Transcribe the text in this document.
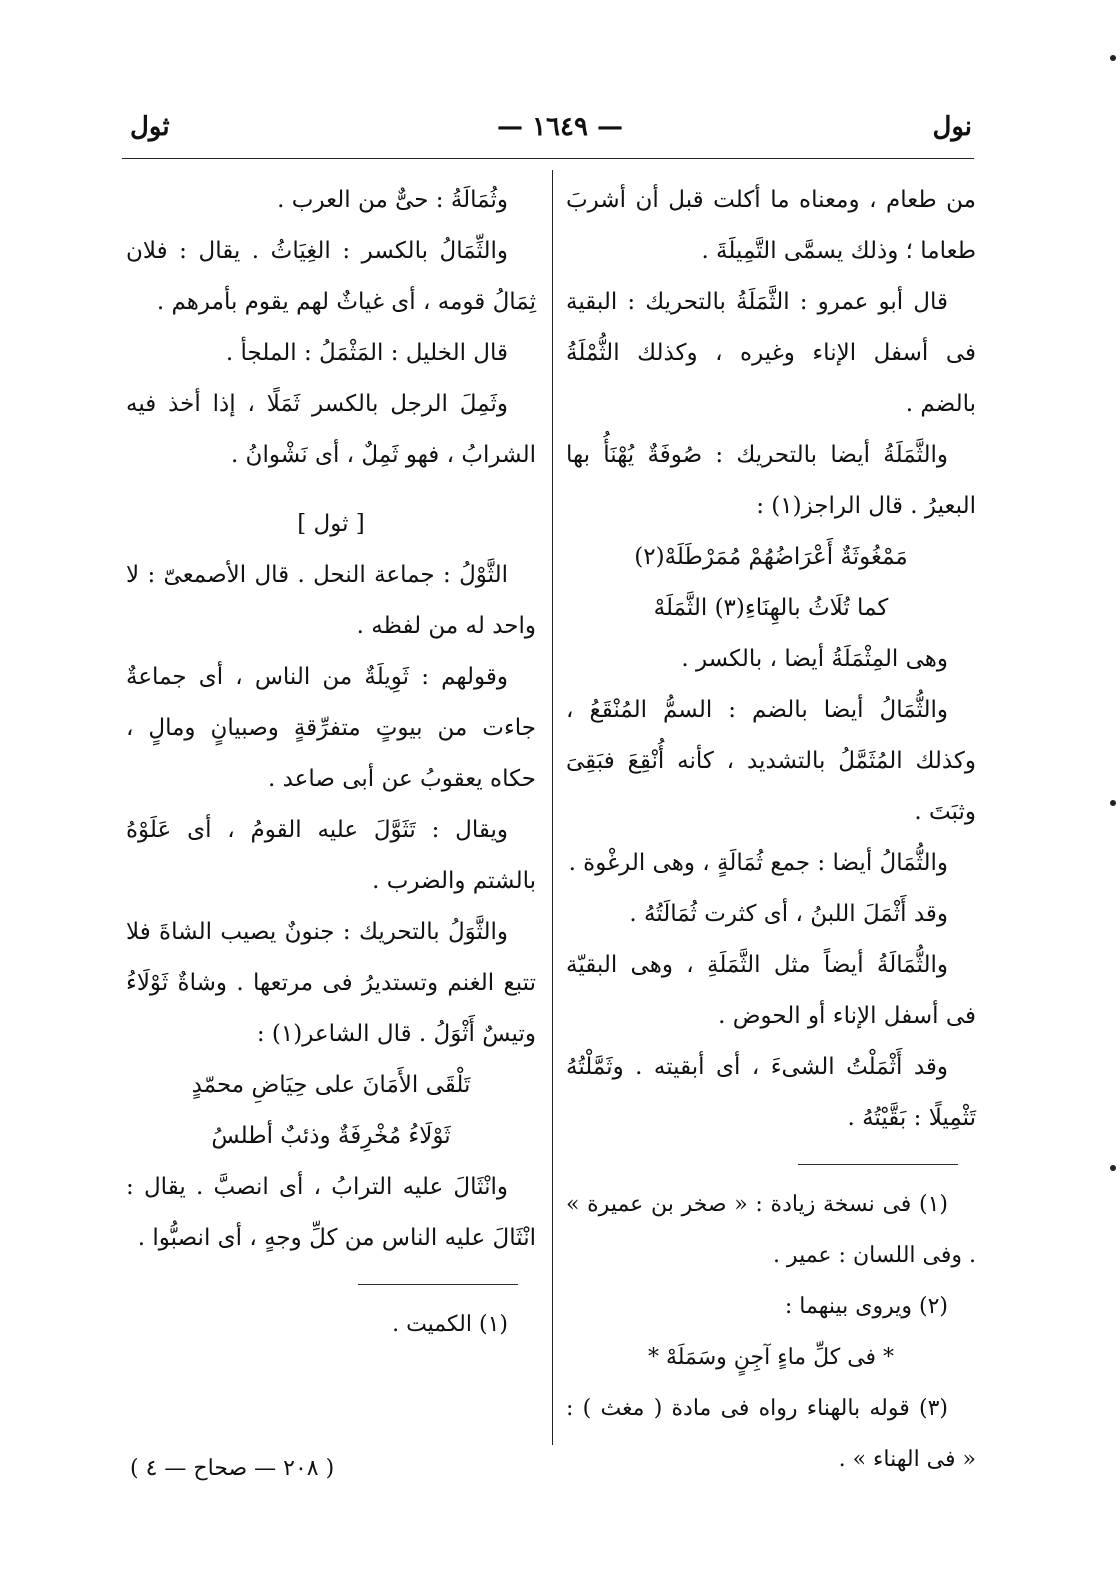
نول
— ١٦٤٩ —
ثول

من طعام ، ومعناه ما أكلت قبل أن أشربَ طعاما ؛ وذلك يسمَّى التَّمِيلَةَ .

قال أبو عمرو : الثَّمَلَةُ بالتحريك : البقية فى أسفل الإناء وغيره ، وكذلك الثُّمْلَةُ بالضم .

والثَّمَلَةُ أيضا بالتحريك : صُوفَةٌ يُهْنَأُ بها البعيرُ . قال الراجز(١) :

مَمْغُوثَةٌ أَعْرَاضُهُمْ مُمَرْطَلَهْ(٢)

كما تُلَاثُ بالهِنَاءِ(٣) الثَّمَلَهْ

وهى المِثْمَلَةُ أيضا ، بالكسر .

والثُّمَالُ أيضا بالضم : السمُّ المُنْقَعُ ، وكذلك المُثَمَّلُ بالتشديد ، كأنه أُنْقِعَ فبَقِىَ وثبَتَ .

والثُّمَالُ أيضا : جمع ثُمَالَةٍ ، وهى الرغْوة .

وقد أَثْمَلَ اللبنُ ، أى كثرت ثُمَالَتُهُ .

والثُّمَالَةُ أيضاً مثل الثَّمَلَةِ ، وهى البقيّة فى أسفل الإناء أو الحوض .

وقد أَثْمَلْتُ الشىءَ ، أى أبقيته . وثَمَّلْتُهُ تَثْمِيلًا : بَقَّيْتُهُ .

(١) فى نسخة زيادة : « صخر بن عميرة » . وفى اللسان : عمير .

(٢) ويروى بينهما :

* فى كلِّ ماءٍ آجِنٍ وسَمَلَهْ *

(٣) قوله بالهناء رواه فى مادة ( مغث ) : « فى الهناء » .

وثُمَالَةُ : حىٌّ من العرب .

والثِّمَالُ بالكسر : الغِيَاثُ . يقال : فلان ثِمَالُ قومه ، أى غياثٌ لهم يقوم بأمرهم .

قال الخليل : المَثْمَلُ : الملجأ .

وثَمِلَ الرجل بالكسر ثَمَلًا ، إذا أخذ فيه الشرابُ ، فهو ثَمِلٌ ، أى نَشْوانُ .

[ ثول ]

الثَّوْلُ : جماعة النحل . قال الأصمعىّ : لا واحد له من لفظه .

وقولهم : ثَوِيلَةٌ من الناس ، أى جماعةٌ جاءت من بيوتٍ متفرِّقةٍ وصبيانٍ ومالٍ ، حكاه يعقوبُ عن أبى صاعد .

ويقال : تَثَوَّلَ عليه القومُ ، أى عَلَوْهُ بالشتم والضرب .

والثَّوَلُ بالتحريك : جنونٌ يصيب الشاةَ فلا تتبع الغنم وتستديرُ فى مرتعها . وشاةٌ ثَوْلَاءُ وتيسٌ أَثْوَلُ . قال الشاعر(١) :

تَلْقَى الأَمَانَ على حِيَاضِ محمّدٍ

ثَوْلَاءُ مُخْرِفَةٌ وذئبٌ أطلسُ

وانْثَالَ عليه الترابُ ، أى انصبَّ . يقال : انْثَالَ عليه الناس من كلِّ وجهٍ ، أى انصبُّوا .

(١) الكميت .

( ٢٠٨ — صحاح — ٤ )
